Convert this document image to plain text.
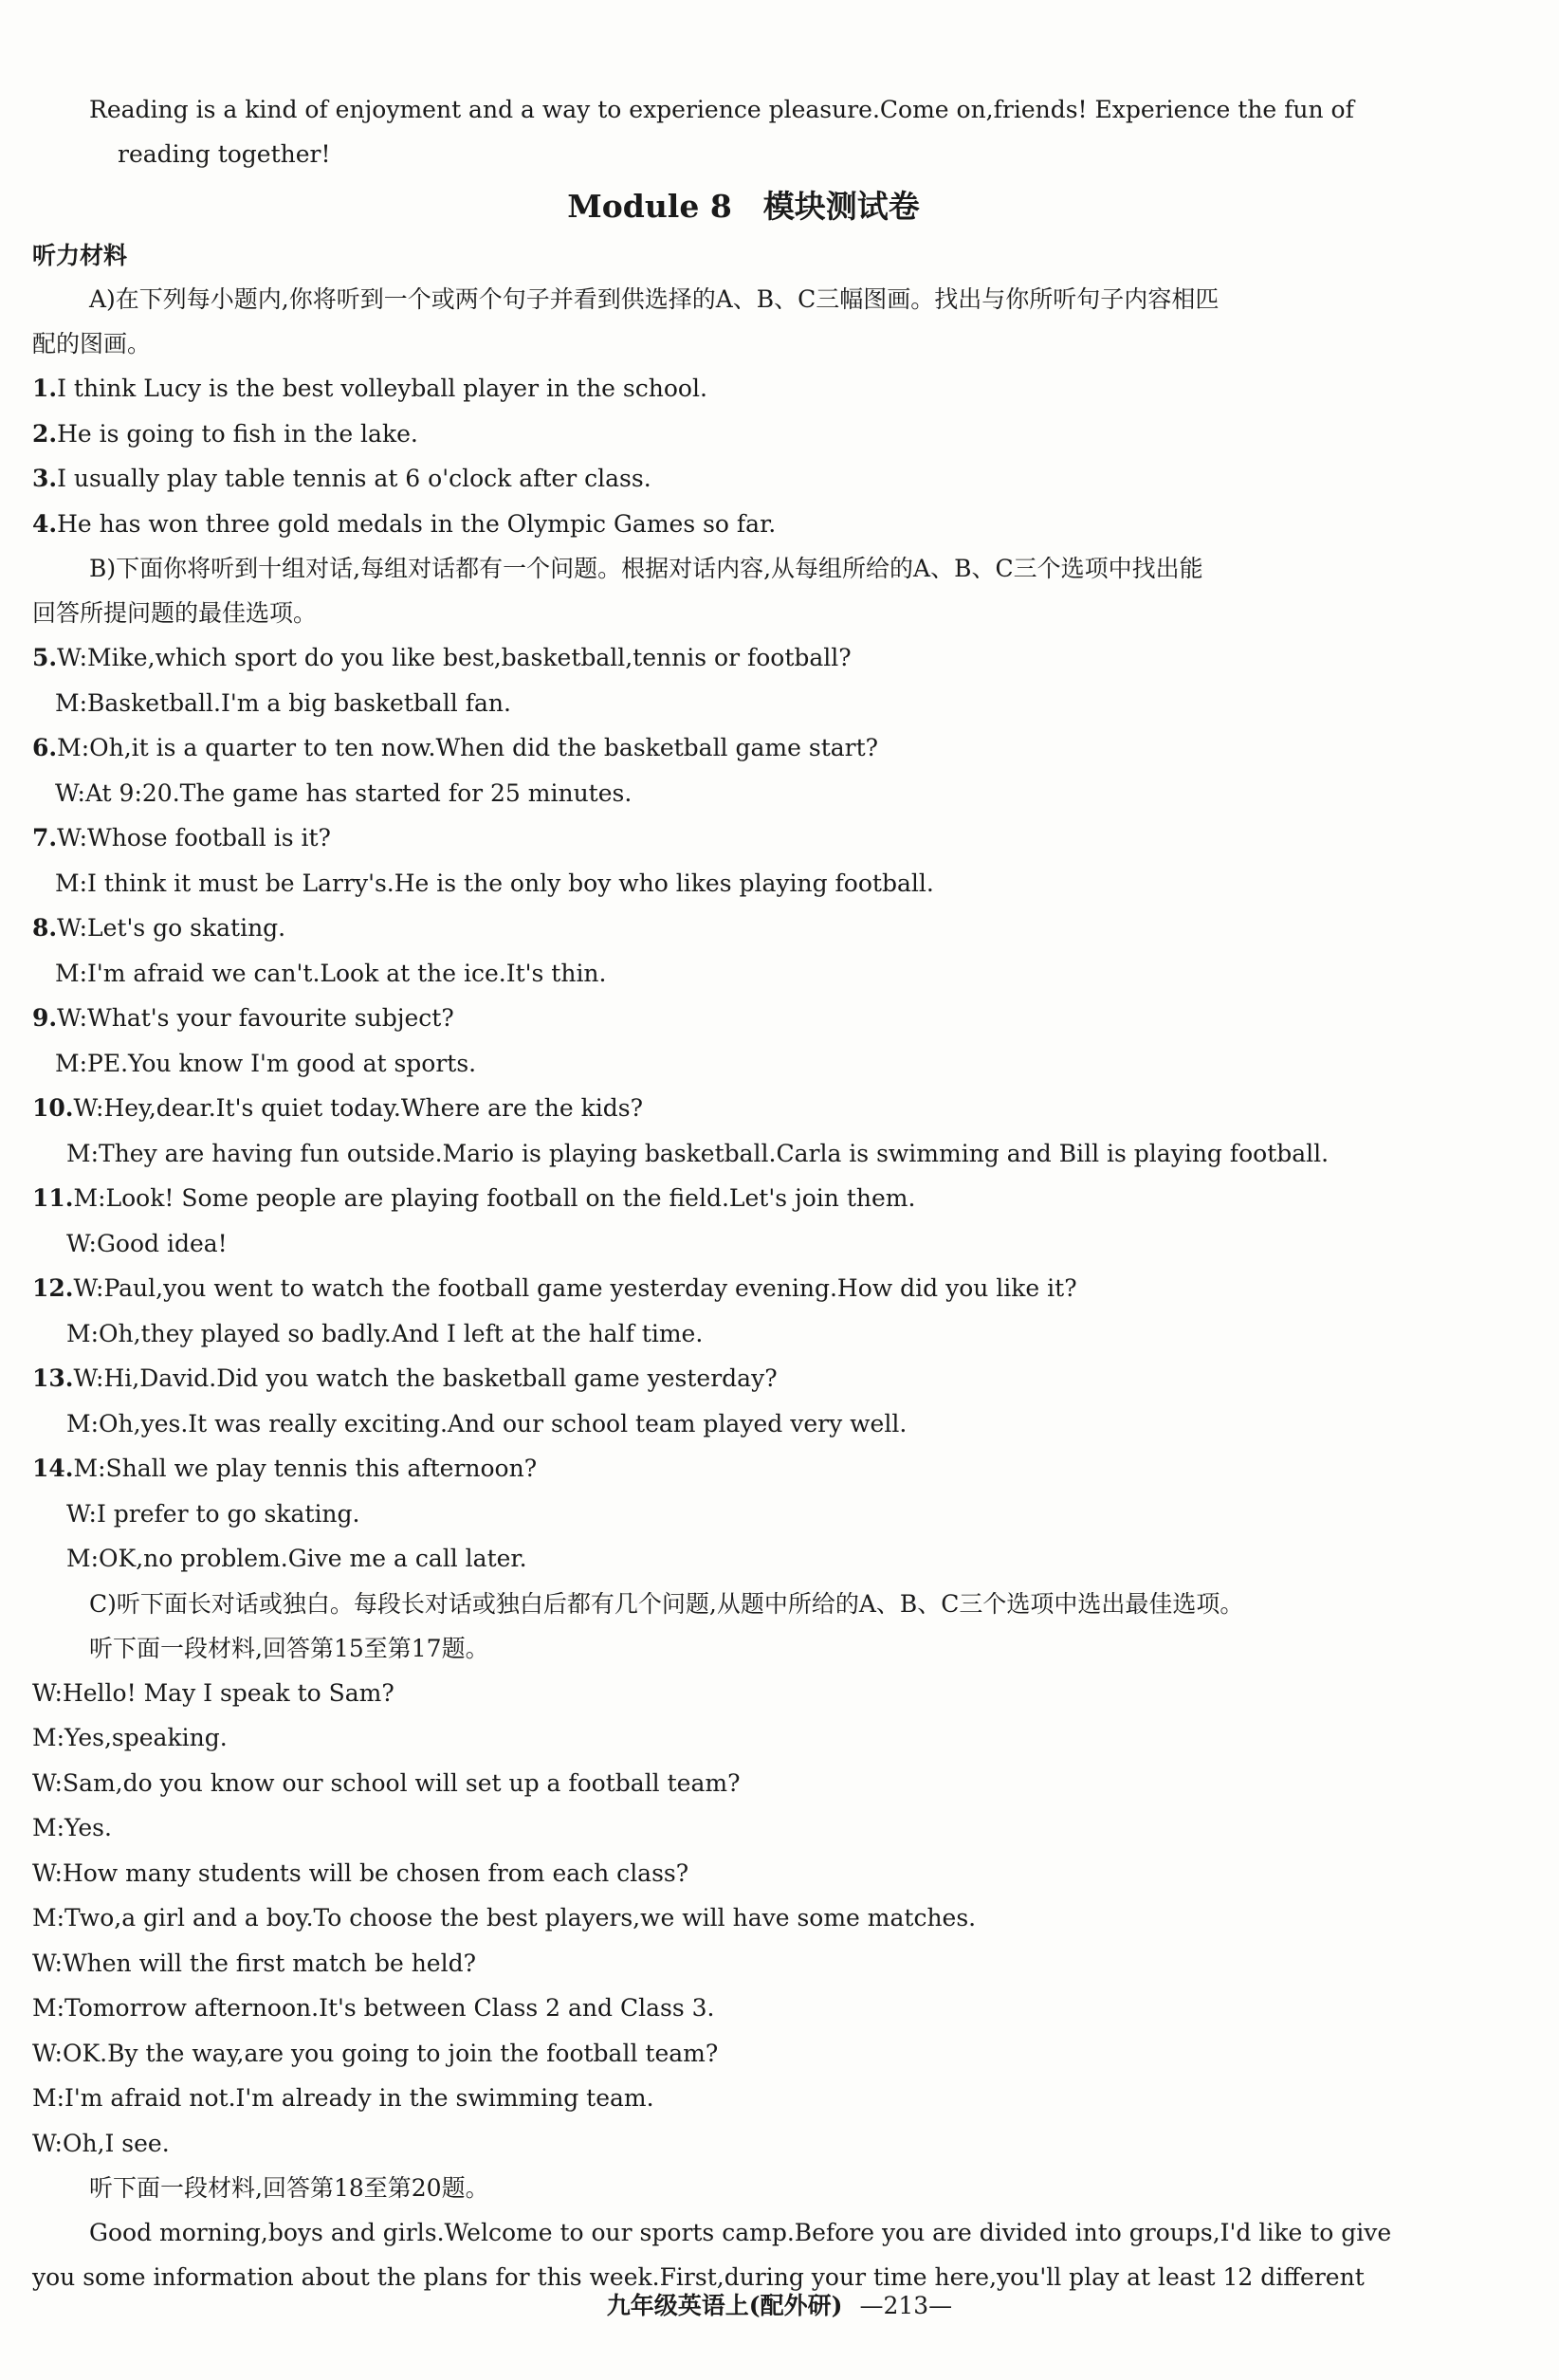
Reading is a kind of enjoyment and a way to experience pleasure.Come on,friends! Experience the fun of

reading together!

Module 8　模块测试卷
听力材料

A)在下列每小题内,你将听到一个或两个句子并看到供选择的A、B、C三幅图画。找出与你所听句子内容相匹

配的图画。

1.I think Lucy is the best volleyball player in the school.

2.He is going to fish in the lake.

3.I usually play table tennis at 6 o'clock after class.

4.He has won three gold medals in the Olympic Games so far.

B)下面你将听到十组对话,每组对话都有一个问题。根据对话内容,从每组所给的A、B、C三个选项中找出能

回答所提问题的最佳选项。

5.W:Mike,which sport do you like best,basketball,tennis or football?

M:Basketball.I'm a big basketball fan.

6.M:Oh,it is a quarter to ten now.When did the basketball game start?

W:At 9:20.The game has started for 25 minutes.

7.W:Whose football is it?

M:I think it must be Larry's.He is the only boy who likes playing football.

8.W:Let's go skating.

M:I'm afraid we can't.Look at the ice.It's thin.

9.W:What's your favourite subject?

M:PE.You know I'm good at sports.

10.W:Hey,dear.It's quiet today.Where are the kids?

M:They are having fun outside.Mario is playing basketball.Carla is swimming and Bill is playing football.

11.M:Look! Some people are playing football on the field.Let's join them.

W:Good idea!

12.W:Paul,you went to watch the football game yesterday evening.How did you like it?

M:Oh,they played so badly.And I left at the half time.

13.W:Hi,David.Did you watch the basketball game yesterday?

M:Oh,yes.It was really exciting.And our school team played very well.

14.M:Shall we play tennis this afternoon?

W:I prefer to go skating.

M:OK,no problem.Give me a call later.

C)听下面长对话或独白。每段长对话或独白后都有几个问题,从题中所给的A、B、C三个选项中选出最佳选项。

听下面一段材料,回答第15至第17题。

W:Hello! May I speak to Sam?

M:Yes,speaking.

W:Sam,do you know our school will set up a football team?

M:Yes.

W:How many students will be chosen from each class?

M:Two,a girl and a boy.To choose the best players,we will have some matches.

W:When will the first match be held?

M:Tomorrow afternoon.It's between Class 2 and Class 3.

W:OK.By the way,are you going to join the football team?

M:I'm afraid not.I'm already in the swimming team.

W:Oh,I see.

听下面一段材料,回答第18至第20题。

Good morning,boys and girls.Welcome to our sports camp.Before you are divided into groups,I'd like to give

you some information about the plans for this week.First,during your time here,you'll play at least 12 different

九年级英语上(配外研) —213—
